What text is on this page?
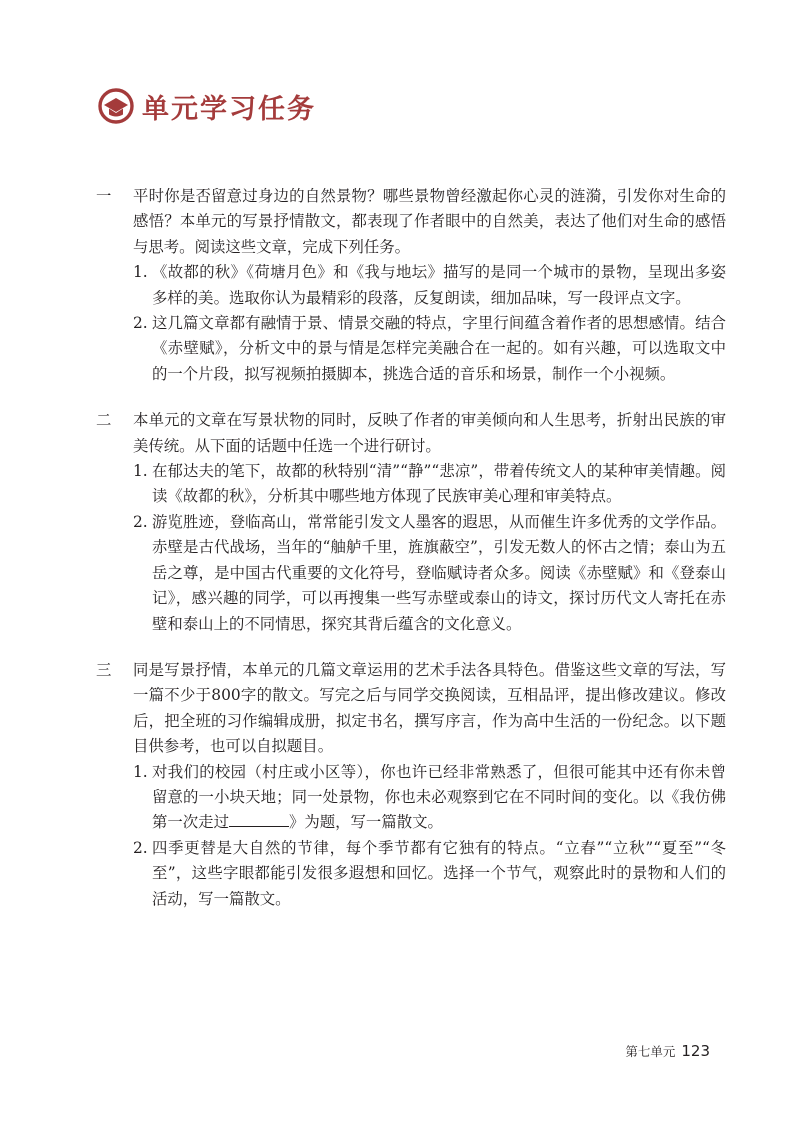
单元学习任务
一	平时你是否留意过身边的自然景物？哪些景物曾经激起你心灵的涟漪，引发你对生命的感悟？本单元的写景抒情散文，都表现了作者眼中的自然美，表达了他们对生命的感悟与思考。阅读这些文章，完成下列任务。
1. 《故都的秋》《荷塘月色》和《我与地坛》描写的是同一个城市的景物，呈现出多姿多样的美。选取你认为最精彩的段落，反复朗读，细加品味，写一段评点文字。
2. 这几篇文章都有融情于景、情景交融的特点，字里行间蕴含着作者的思想感情。结合《赤壁赋》，分析文中的景与情是怎样完美融合在一起的。如有兴趣，可以选取文中的一个片段，拟写视频拍摄脚本，挑选合适的音乐和场景，制作一个小视频。
二	本单元的文章在写景状物的同时，反映了作者的审美倾向和人生思考，折射出民族的审美传统。从下面的话题中任选一个进行研讨。
1. 在郁达夫的笔下，故都的秋特别“清”“静”“悲凉”，带着传统文人的某种审美情趣。阅读《故都的秋》，分析其中哪些地方体现了民族审美心理和审美特点。
2. 游览胜迹，登临高山，常常能引发文人墨客的遐思，从而催生许多优秀的文学作品。赤壁是古代战场，当年的“舳舻千里，旌旗蔽空”，引发无数人的怀古之情；泰山为五岳之尊，是中国古代重要的文化符号，登临赋诗者众多。阅读《赤壁赋》和《登泰山记》，感兴趣的同学，可以再搜集一些写赤壁或泰山的诗文，探讨历代文人寄托在赤壁和泰山上的不同情思，探究其背后蕴含的文化意义。
三	同是写景抒情，本单元的几篇文章运用的艺术手法各具特色。借鉴这些文章的写法，写一篇不少于800字的散文。写完之后与同学交换阅读，互相品评，提出修改建议。修改后，把全班的习作编辑成册，拟定书名，撰写序言，作为高中生活的一份纪念。以下题目供参考，也可以自拟题目。
1. 对我们的校园（村庄或小区等），你也许已经非常熟悉了，但很可能其中还有你未曾留意的一小块天地；同一处景物，你也未必观察到它在不同时间的变化。以《我仿佛第一次走过	》为题，写一篇散文。
2. 四季更替是大自然的节律，每个季节都有它独有的特点。“立春”“立秋”“夏至”“冬至”，这些字眼都能引发很多遐想和回忆。选择一个节气，观察此时的景物和人们的活动，写一篇散文。
第七单元 123
